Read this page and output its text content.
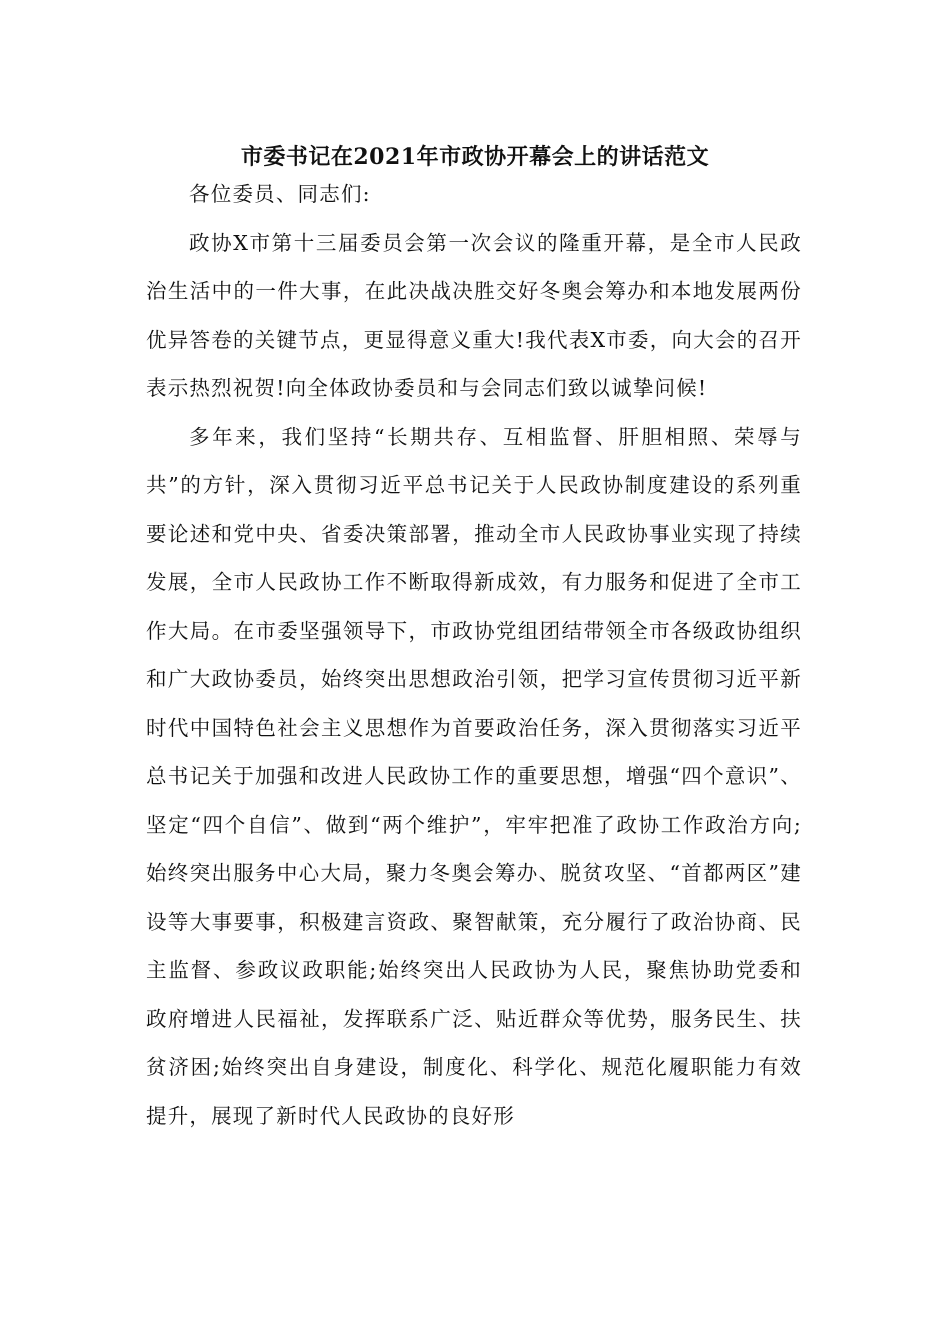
市委书记在2021年市政协开幕会上的讲话范文

各位委员、同志们:

政协X市第十三届委员会第一次会议的隆重开幕，是全市人民政治生活中的一件大事，在此决战决胜交好冬奥会筹办和本地发展两份优异答卷的关键节点，更显得意义重大!我代表X市委，向大会的召开表示热烈祝贺!向全体政协委员和与会同志们致以诚挚问候!

多年来，我们坚持“长期共存、互相监督、肝胆相照、荣辱与共”的方针，深入贯彻习近平总书记关于人民政协制度建设的系列重要论述和党中央、省委决策部署，推动全市人民政协事业实现了持续发展，全市人民政协工作不断取得新成效，有力服务和促进了全市工作大局。在市委坚强领导下，市政协党组团结带领全市各级政协组织和广大政协委员，始终突出思想政治引领，把学习宣传贯彻习近平新时代中国特色社会主义思想作为首要政治任务，深入贯彻落实习近平总书记关于加强和改进人民政协工作的重要思想，增强“四个意识”、坚定“四个自信”、做到“两个维护”，牢牢把准了政协工作政治方向;始终突出服务中心大局，聚力冬奥会筹办、脱贫攻坚、“首都两区”建设等大事要事，积极建言资政、聚智献策，充分履行了政治协商、民主监督、参政议政职能;始终突出人民政协为人民，聚焦协助党委和政府增进人民福祉，发挥联系广泛、贴近群众等优势，服务民生、扶贫济困;始终突出自身建设，制度化、科学化、规范化履职能力有效提升，展现了新时代人民政协的良好形
